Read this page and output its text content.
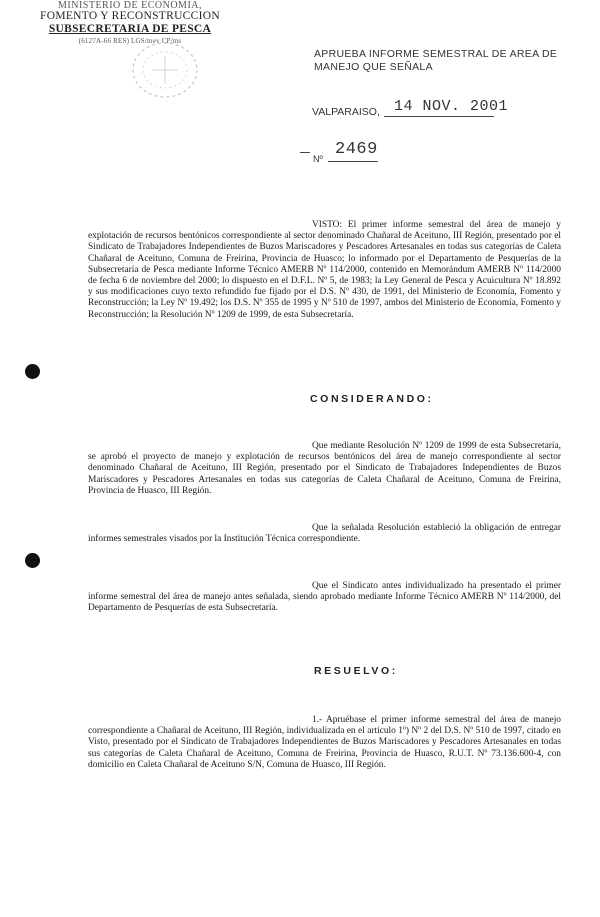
MINISTERIO DE ECONOMIA,
FOMENTO Y RECONSTRUCCION
SUBSECRETARIA DE PESCA
(6127A-66 RES) LGS/mev CP/ms
APRUEBA INFORME SEMESTRAL DE AREA DE MANEJO QUE SEÑALA
VALPARAISO, 14 NOV. 2001
Nº 2469
VISTO: El primer informe semestral del área de manejo y explotación de recursos bentónicos correspondiente al sector denominado Chañaral de Aceituno, III Región, presentado por el Sindicato de Trabajadores Independientes de Buzos Mariscadores y Pescadores Artesanales en todas sus categorías de Caleta Chañaral de Aceituno, Comuna de Freirina, Provincia de Huasco; lo informado por el Departamento de Pesquerías de la Subsecretaría de Pesca mediante Informe Técnico AMERB Nº 114/2000, contenido en Memorándum AMERB Nº 114/2000 de fecha 6 de noviembre del 2000; lo dispuesto en el D.F.L. Nº 5, de 1983; la Ley General de Pesca y Acuicultura Nº 18.892 y sus modificaciones cuyo texto refundido fue fijado por el D.S. Nº 430, de 1991, del Ministerio de Economía, Fomento y Reconstrucción; la Ley Nº 19.492; los D.S. Nº 355 de 1995 y Nº 510 de 1997, ambos del Ministerio de Economía, Fomento y Reconstrucción; la Resolución Nº 1209 de 1999, de esta Subsecretaría.
CONSIDERANDO:
Que mediante Resolución Nº 1209 de 1999 de esta Subsecretaría, se aprobó el proyecto de manejo y explotación de recursos bentónicos del área de manejo correspondiente al sector denominado Chañaral de Aceituno, III Región, presentado por el Sindicato de Trabajadores Independientes de Buzos Mariscadores y Pescadores Artesanales en todas sus categorías de Caleta Chañaral de Aceituno, Comuna de Freirina, Provincia de Huasco, III Región.
Que la señalada Resolución estableció la obligación de entregar informes semestrales visados por la Institución Técnica correspondiente.
Que el Sindicato antes individualizado ha presentado el primer informe semestral del área de manejo antes señalada, siendo aprobado mediante Informe Técnico AMERB Nº 114/2000, del Departamento de Pesquerías de esta Subsecretaría.
RESUELVO:
1.- Apruébase el primer informe semestral del área de manejo correspondiente a Chañaral de Aceituno, III Región, individualizada en el artículo 1º) Nº 2 del D.S. Nº 510 de 1997, citado en Visto, presentado por el Sindicato de Trabajadores Independientes de Buzos Mariscadores y Pescadores Artesanales en todas sus categorías de Caleta Chañaral de Aceituno, Comuna de Freirina, Provincia de Huasco, R.U.T. Nº 73.136.600-4, con domicilio en Caleta Chañaral de Aceituno S/N, Comuna de Huasco, III Región.
